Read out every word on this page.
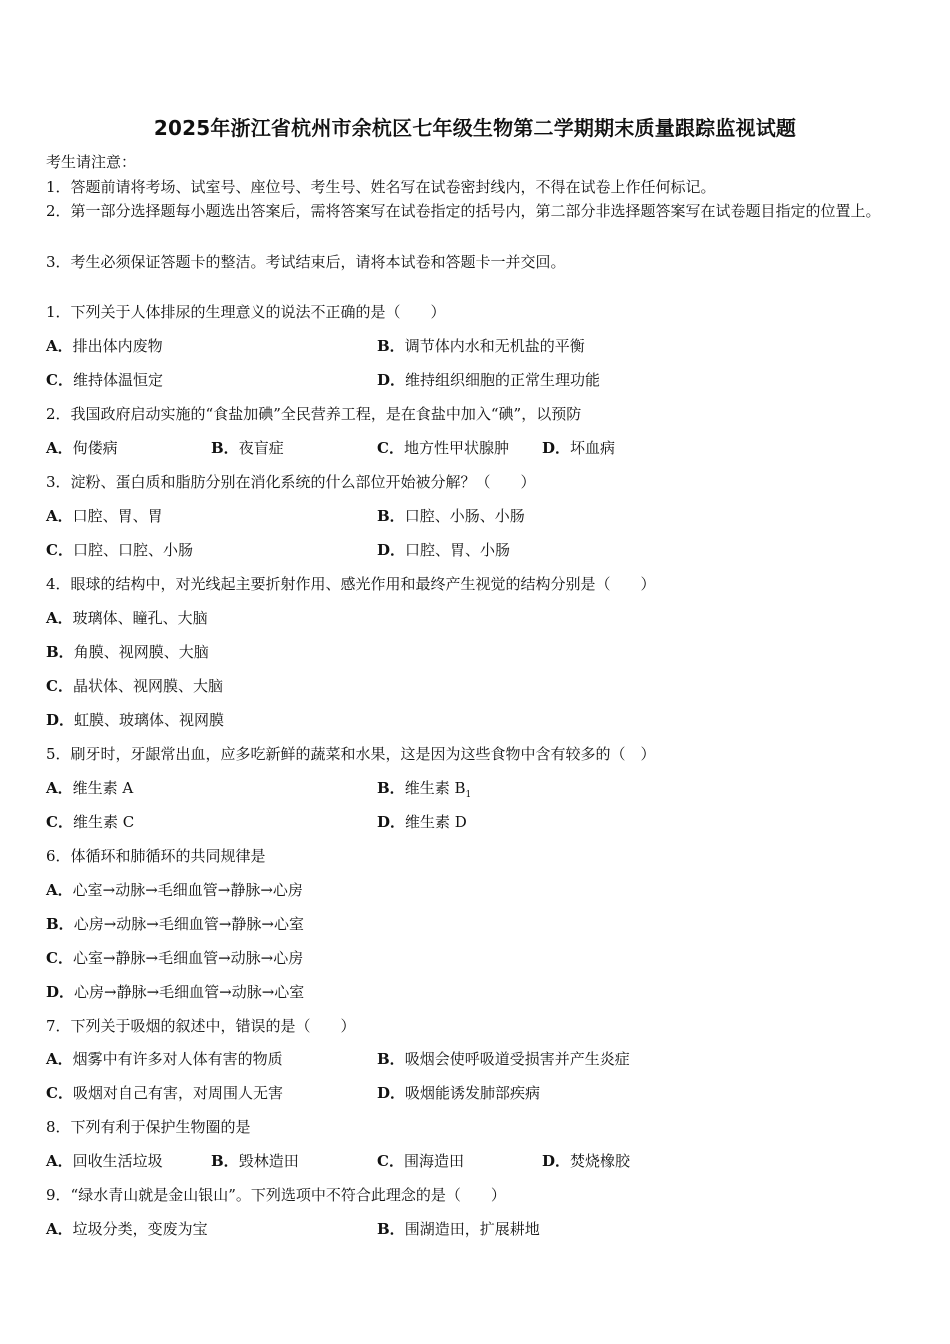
2025年浙江省杭州市余杭区七年级生物第二学期期末质量跟踪监视试题
考生请注意：
1．答题前请将考场、试室号、座位号、考生号、姓名写在试卷密封线内，不得在试卷上作任何标记。
2．第一部分选择题每小题选出答案后，需将答案写在试卷指定的括号内，第二部分非选择题答案写在试卷题目指定的位置上。
3．考生必须保证答题卡的整洁。考试结束后，请将本试卷和答题卡一并交回。
1．下列关于人体排尿的生理意义的说法不正确的是（　　）
A．排出体内废物	B．调节体内水和无机盐的平衡
C．维持体温恒定	D．维持组织细胞的正常生理功能
2．我国政府启动实施的“食盐加碘”全民营养工程，是在食盐中加入“碘”，以预防
A．佝偻病	B．夜盲症	C．地方性甲状腺肿 D．坏血病
3．淀粉、蛋白质和脂肪分别在消化系统的什么部位开始被分解？（　　）
A．口腔、胃、胃	B．口腔、小肠、小肠
C．口腔、口腔、小肠	D．口腔、胃、小肠
4．眼球的结构中，对光线起主要折射作用、感光作用和最终产生视觉的结构分别是（　　）
A．玻璃体、瞳孔、大脑
B．角膜、视网膜、大脑
C．晶状体、视网膜、大脑
D．虹膜、玻璃体、视网膜
5．刷牙时，牙龈常出血，应多吃新鲜的蔬菜和水果，这是因为这些食物中含有较多的（　）
A．维生素 A	B．维生素 $B_1$
C．维生素 C	D．维生素 D
6．体循环和肺循环的共同规律是
A．心室→动脉→毛细血管→静脉→心房
B．心房→动脉→毛细血管→静脉→心室
C．心室→静脉→毛细血管→动脉→心房
D．心房→静脉→毛细血管→动脉→心室
7．下列关于吸烟的叙述中，错误的是（　　）
A．烟雾中有许多对人体有害的物质	B．吸烟会使呼吸道受损害并产生炎症
C．吸烟对自己有害，对周围人无害	D．吸烟能诱发肺部疾病
8．下列有利于保护生物圈的是
A．回收生活垃圾	B．毁林造田	C．围海造田	D．焚烧橡胶
9．“绿水青山就是金山银山”。下列选项中不符合此理念的是（　　）
A．垃圾分类，变废为宝	B．围湖造田，扩展耕地
